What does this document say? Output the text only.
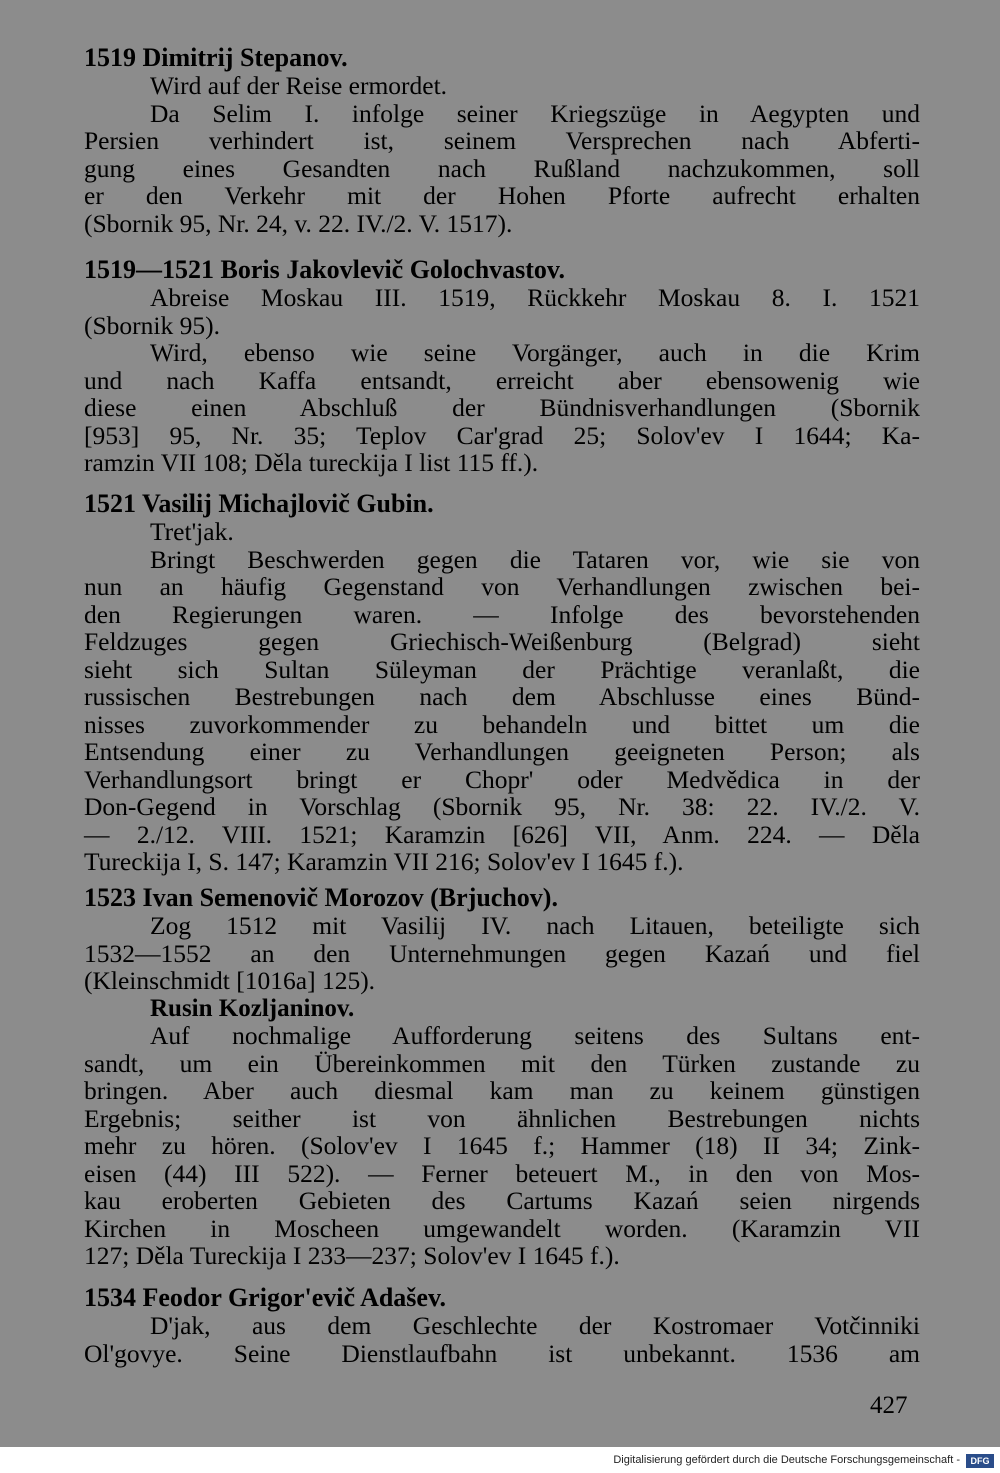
1519 Dimitrij Stepanov.
Wird auf der Reise ermordet.
Da Selim I. infolge seiner Kriegszüge in Aegypten und
Persien verhindert ist, seinem Versprechen nach Abferti-
gung eines Gesandten nach Rußland nachzukommen, soll
er den Verkehr mit der Hohen Pforte aufrecht erhalten
(Sbornik 95, Nr. 24, v. 22. IV./2. V. 1517).
1519—1521 Boris Jakovlevič Golochvastov.
Abreise Moskau III. 1519, Rückkehr Moskau 8. I. 1521
(Sbornik 95).
Wird, ebenso wie seine Vorgänger, auch in die Krim
und nach Kaffa entsandt, erreicht aber ebensowenig wie
diese einen Abschluß der Bündnisverhandlungen (Sbornik
[953] 95, Nr. 35; Teplov Car'grad 25; Solov'ev I 1644; Ka-
ramzin VII 108; Děla tureckija I list 115 ff.).
1521 Vasilij Michajlovič Gubin.
Tret'jak.
Bringt Beschwerden gegen die Tataren vor, wie sie von
nun an häufig Gegenstand von Verhandlungen zwischen bei-
den Regierungen waren. — Infolge des bevorstehenden
Feldzuges gegen Griechisch-Weißenburg (Belgrad) sieht
sieht sich Sultan Süleyman der Prächtige veranlaßt, die
russischen Bestrebungen nach dem Abschlusse eines Bünd-
nisses zuvorkommender zu behandeln und bittet um die
Entsendung einer zu Verhandlungen geeigneten Person; als
Verhandlungsort bringt er Chopr' oder Medvědica in der
Don-Gegend in Vorschlag (Sbornik 95, Nr. 38: 22. IV./2. V.
— 2./12. VIII. 1521; Karamzin [626] VII, Anm. 224. — Děla
Tureckija I, S. 147; Karamzin VII 216; Solov'ev I 1645 f.).
1523 Ivan Semenovič Morozov (Brjuchov).
Zog 1512 mit Vasilij IV. nach Litauen, beteiligte sich
1532—1552 an den Unternehmungen gegen Kazań und fiel
(Kleinschmidt [1016a] 125).
Rusin Kozljaninov.
Auf nochmalige Aufforderung seitens des Sultans ent-
sandt, um ein Übereinkommen mit den Türken zustande zu
bringen. Aber auch diesmal kam man zu keinem günstigen
Ergebnis; seither ist von ähnlichen Bestrebungen nichts
mehr zu hören. (Solov'ev I 1645 f.; Hammer (18) II 34; Zink-
eisen (44) III 522). — Ferner beteuert M., in den von Mos-
kau eroberten Gebieten des Cartums Kazań seien nirgends
Kirchen in Moscheen umgewandelt worden. (Karamzin VII
127; Děla Tureckija I 233—237; Solov'ev I 1645 f.).
1534 Feodor Grigor'evič Adašev.
D'jak, aus dem Geschlechte der Kostromaer Votčinniki
Ol'govye. Seine Dienstlaufbahn ist unbekannt. 1536 am
427
Digitalisierung gefördert durch die Deutsche Forschungsgemeinschaft -	DFG
